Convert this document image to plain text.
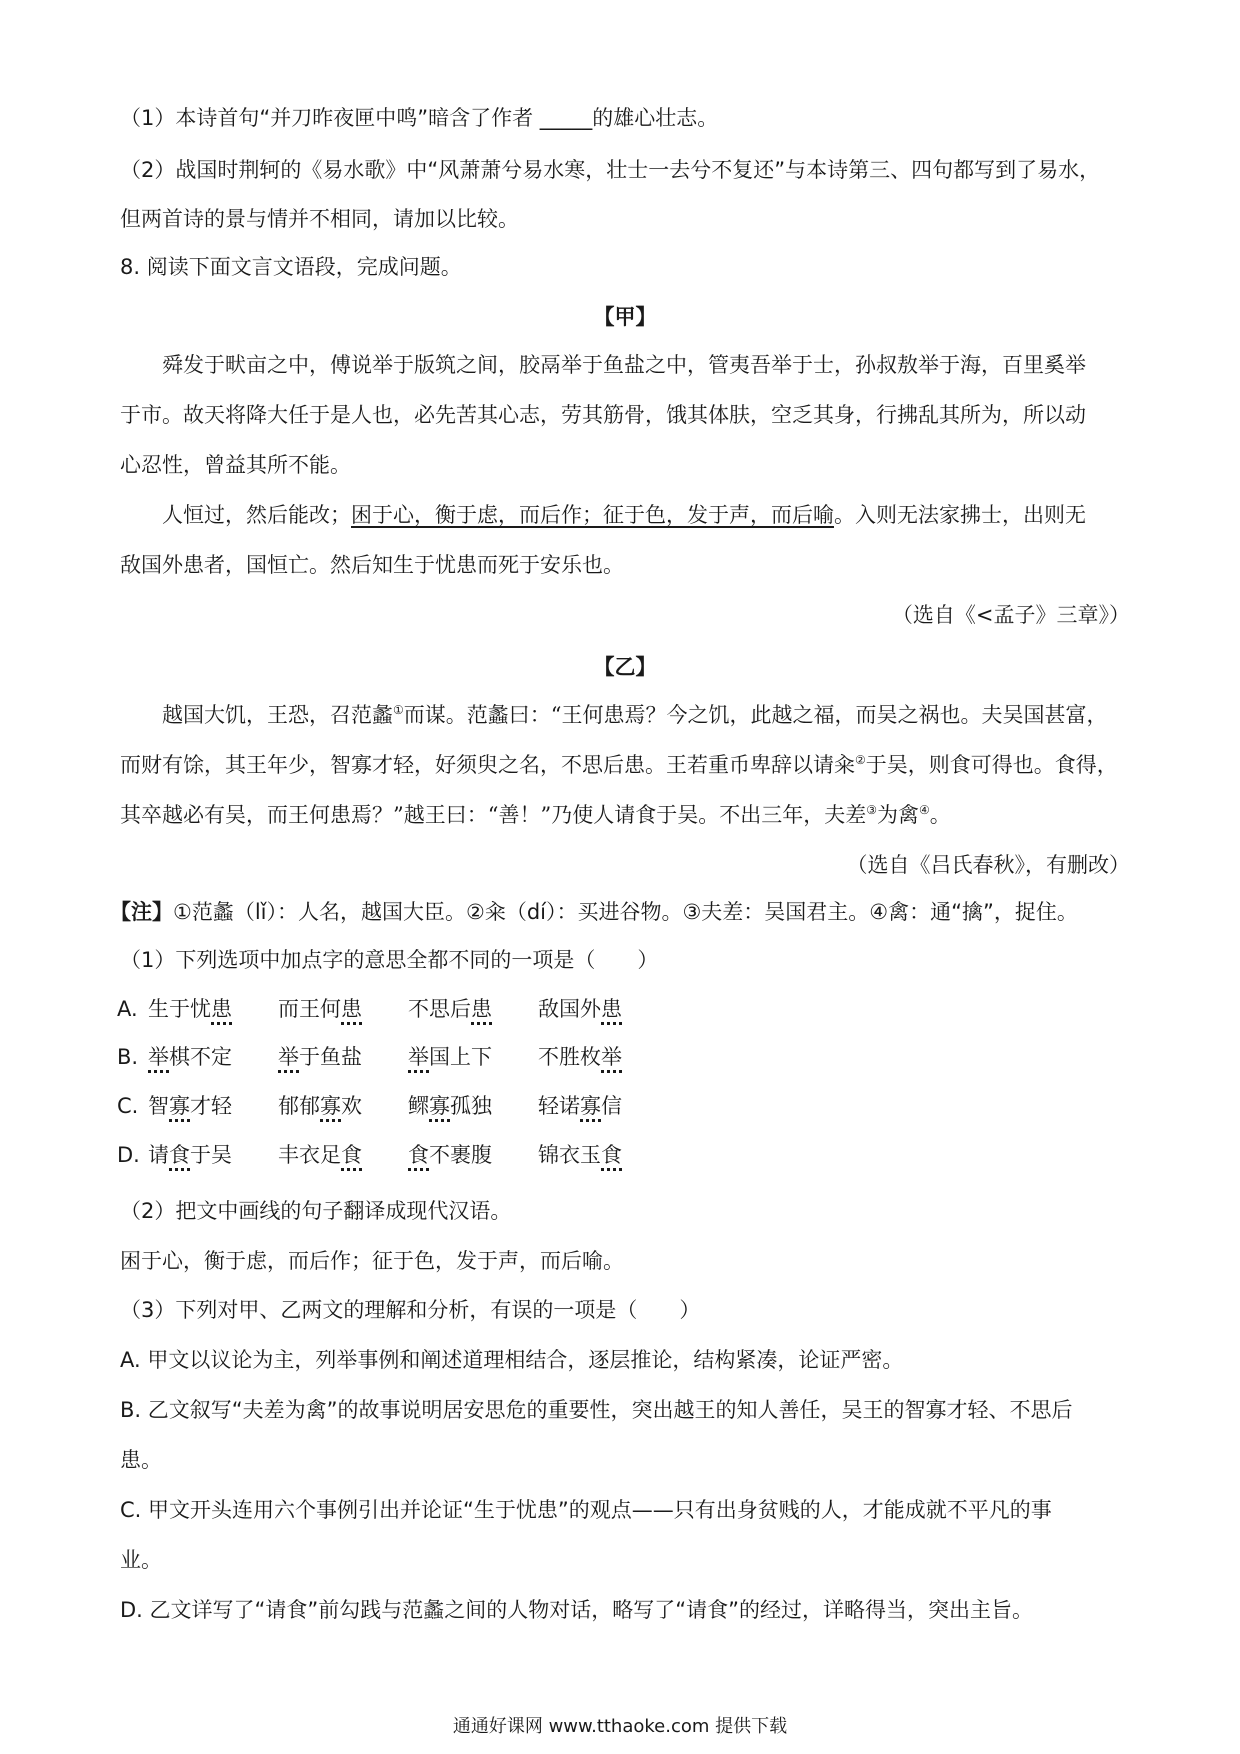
（1）本诗首句“并刀昨夜匣中鸣”暗含了作者 _____的雄心壮志。
（2）战国时荆轲的《易水歌》中“风萧萧兮易水寒，壮士一去兮不复还”与本诗第三、四句都写到了易水，
但两首诗的景与情并不相同，请加以比较。
8. 阅读下面文言文语段，完成问题。
【甲】
舜发于畎亩之中，傅说举于版筑之间，胶鬲举于鱼盐之中，管夷吾举于士，孙叔敖举于海，百里奚举
于市。故天将降大任于是人也，必先苦其心志，劳其筋骨，饿其体肤，空乏其身，行拂乱其所为，所以动
心忍性，曾益其所不能。
人恒过，然后能改；困于心，衡于虑，而后作；征于色，发于声，而后喻。入则无法家拂士，出则无
敌国外患者，国恒亡。然后知生于忧患而死于安乐也。
（选自《<孟子》三章》）
【乙】
越国大饥，王恐，召范蠡①而谋。范蠡曰：“王何患焉？今之饥，此越之福，而吴之祸也。夫吴国甚富，
而财有馀，其王年少，智寡才轻，好须臾之名，不思后患。王若重币卑辞以请籴②于吴，则食可得也。食得，
其卒越必有吴，而王何患焉？”越王曰：“善！”乃使人请食于吴。不出三年，夫差③为禽④。
（选自《吕氏春秋》，有删改）
【注】①范蠡（lǐ）：人名，越国大臣。②籴（dí）：买进谷物。③夫差：吴国君主。④禽：通“擒”，捉住。
（1）下列选项中加点字的意思全都不同的一项是（　　）
A. 生于忧患 而王何患 不思后患 敌国外患
B. 举棋不定 举于鱼盐 举国上下 不胜枚举
C. 智寡才轻 郁郁寡欢 鳏寡孤独 轻诺寡信
D. 请食于吴 丰衣足食 食不裹腹 锦衣玉食
（2）把文中画线的句子翻译成现代汉语。
困于心，衡于虑，而后作；征于色，发于声，而后喻。
（3）下列对甲、乙两文的理解和分析，有误的一项是（　　）
A. 甲文以议论为主，列举事例和阐述道理相结合，逐层推论，结构紧凑，论证严密。
B. 乙文叙写“夫差为禽”的故事说明居安思危的重要性，突出越王的知人善任，吴王的智寡才轻、不思后
患。
C. 甲文开头连用六个事例引出并论证“生于忧患”的观点——只有出身贫贱的人，才能成就不平凡的事
业。
D. 乙文详写了“请食”前勾践与范蠡之间的人物对话，略写了“请食”的经过，详略得当，突出主旨。
通通好课网 www.tthaoke.com 提供下载
